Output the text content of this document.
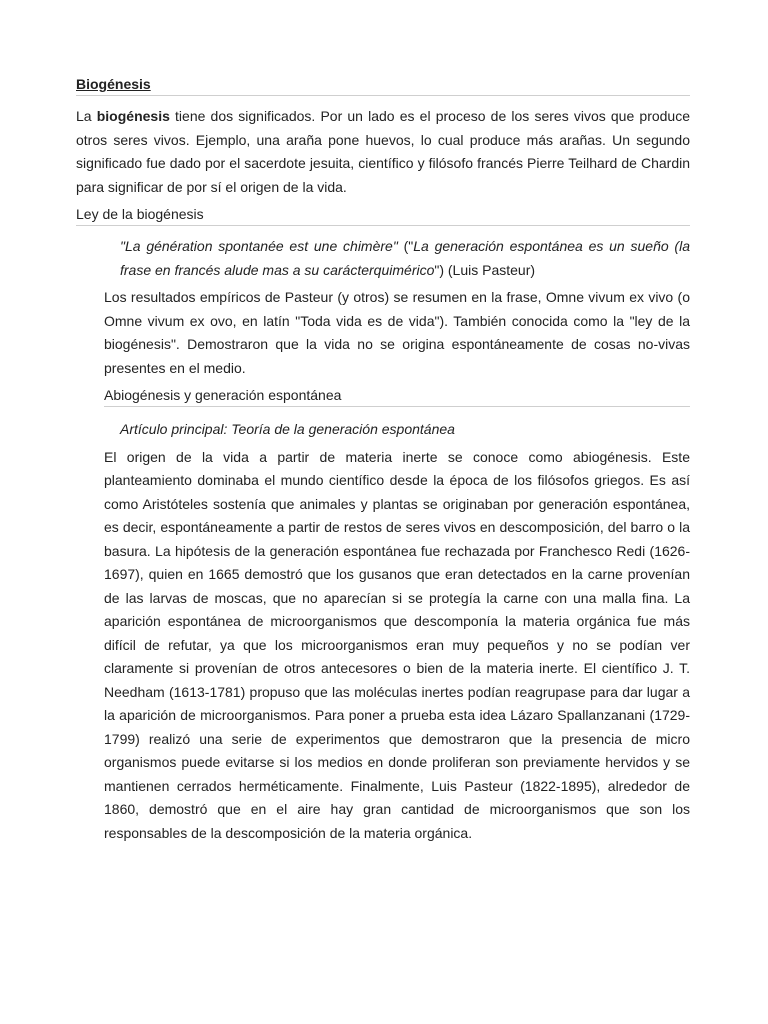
Biogénesis

La biogénesis tiene dos significados. Por un lado es el proceso de los seres vivos que produce otros seres vivos. Ejemplo, una araña pone huevos, lo cual produce más arañas. Un segundo significado fue dado por el sacerdote jesuita, científico y filósofo francés Pierre Teilhard de Chardin para significar de por sí el origen de la vida.

Ley de la biogénesis

"La génération spontanée est une chimère" ("La generación espontánea es un sueño (la frase en francés alude mas a su carácterquimérico") (Luis Pasteur)

Los resultados empíricos de Pasteur (y otros) se resumen en la frase, Omne vivum ex vivo (o Omne vivum ex ovo, en latín "Toda vida es de vida"). También conocida como la "ley de la biogénesis". Demostraron que la vida no se origina espontáneamente de cosas no-vivas presentes en el medio.

Abiogénesis y generación espontánea

Artículo principal: Teoría de la generación espontánea

El origen de la vida a partir de materia inerte se conoce como abiogénesis. Este planteamiento dominaba el mundo científico desde la época de los filósofos griegos. Es así como Aristóteles sostenía que animales y plantas se originaban por generación espontánea, es decir, espontáneamente a partir de restos de seres vivos en descomposición, del barro o la basura. La hipótesis de la generación espontánea fue rechazada por Franchesco Redi (1626-1697), quien en 1665 demostró que los gusanos que eran detectados en la carne provenían de las larvas de moscas, que no aparecían si se protegía la carne con una malla fina. La aparición espontánea de microorganismos que descomponía la materia orgánica fue más difícil de refutar, ya que los microorganismos eran muy pequeños y no se podían ver claramente si provenían de otros antecesores o bien de la materia inerte. El científico J. T. Needham (1613-1781) propuso que las moléculas inertes podían reagrupase para dar lugar a la aparición de microorganismos. Para poner a prueba esta idea Lázaro Spallanzanani (1729-1799) realizó una serie de experimentos que demostraron que la presencia de micro organismos puede evitarse si los medios en donde proliferan son previamente hervidos y se mantienen cerrados herméticamente. Finalmente, Luis Pasteur (1822-1895), alrededor de 1860, demostró que en el aire hay gran cantidad de microorganismos que son los responsables de la descomposición de la materia orgánica.
